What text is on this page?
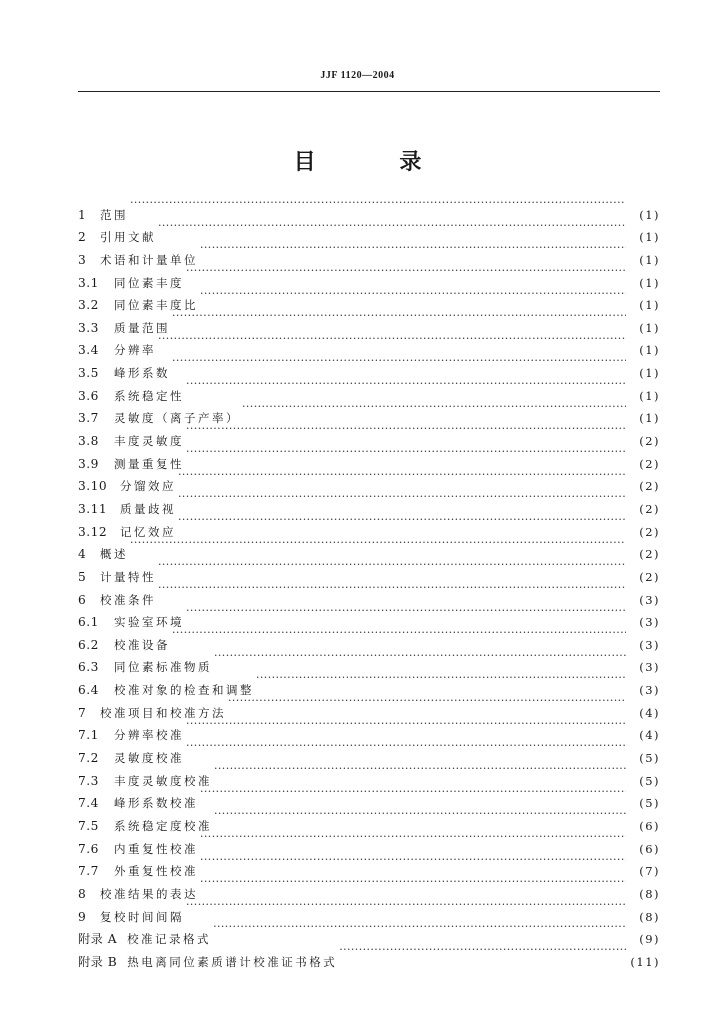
JJF 1120—2004
目 录
1	范围 ·····	(1)
2	引用文献 ·····	(1)
3	术语和计量单位 ·····	(1)
3.1	同位素丰度 ·····	(1)
3.2	同位素丰度比 ·····	(1)
3.3	质量范围 ·····	(1)
3.4	分辨率 ·····	(1)
3.5	峰形系数 ·····	(1)
3.6	系统稳定性 ·····	(1)
3.7	灵敏度（离子产率） ·····	(1)
3.8	丰度灵敏度 ·····	(2)
3.9	测量重复性 ·····	(2)
3.10	分馏效应 ·····	(2)
3.11	质量歧视 ·····	(2)
3.12	记忆效应 ·····	(2)
4	概述 ·····	(2)
5	计量特性 ·····	(2)
6	校准条件 ·····	(3)
6.1	实验室环境 ·····	(3)
6.2	校准设备 ·····	(3)
6.3	同位素标准物质 ·····	(3)
6.4	校准对象的检查和调整 ·····	(3)
7	校准项目和校准方法 ·····	(4)
7.1	分辨率校准 ·····	(4)
7.2	灵敏度校准 ·····	(5)
7.3	丰度灵敏度校准 ·····	(5)
7.4	峰形系数校准 ·····	(5)
7.5	系统稳定度校准 ·····	(6)
7.6	内重复性校准 ·····	(6)
7.7	外重复性校准 ·····	(7)
8	校准结果的表达 ·····	(8)
9	复校时间间隔 ·····	(8)
附录 A 校准记录格式 ·····	(9)
附录 B 热电离同位素质谱计校准证书格式 ·····	(11)
